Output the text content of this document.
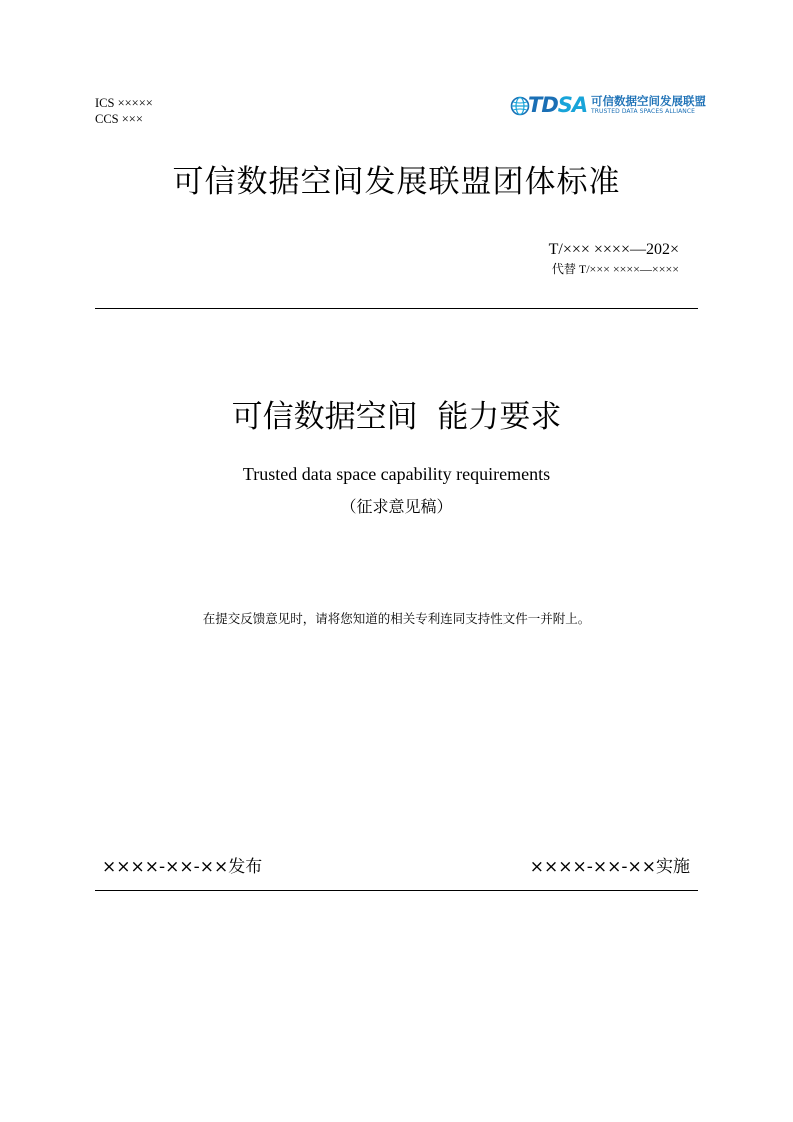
ICS ×××××
CCS ×××
TDSA 可信数据空间发展联盟
TRUSTED DATA SPACES ALLIANCE
可信数据空间发展联盟团体标准
T/××× ××××—202×
代替 T/××× ××××—××××
可信数据空间  能力要求
Trusted data space capability requirements
（征求意见稿）
在提交反馈意见时，请将您知道的相关专利连同支持性文件一并附上。
××××-××-××发布	××××-××-××实施
